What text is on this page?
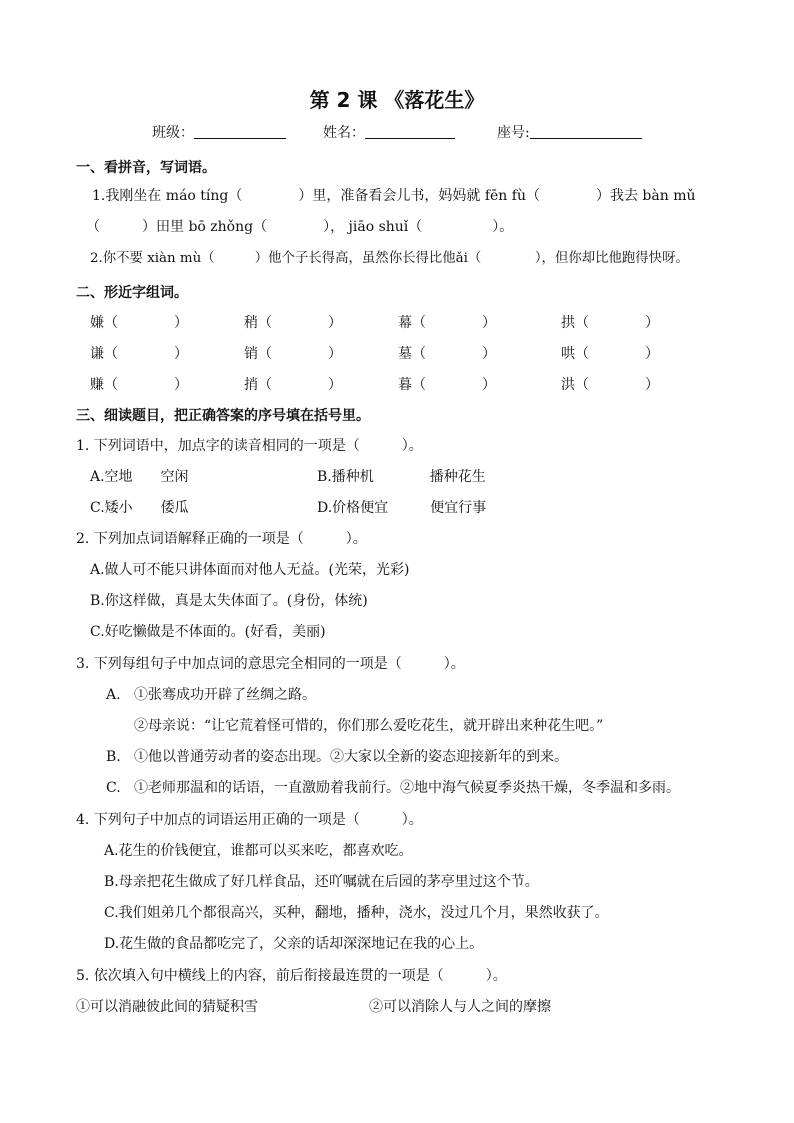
第 2 课 《落花生》
班级：	姓名：	座号:
一、看拼音，写词语。
1.我刚坐在 máo tíng（　　　　）里，准备看会儿书，妈妈就 fēn fù（　　　　）我去 bàn mǔ
（　　　）田里 bō zhǒng（　　　　）， jiāo shuǐ（　　　　　）。
2.你不要 xiàn mù（　　　）他个子长得高，虽然你长得比他ǎi（　　　　），但你却比他跑得快呀。
二、形近字组词。
嫌（　　　　）	稍（　　　　）	幕（　　　　）	拱（　　　　）
谦（　　　　）	销（　　　　）	墓（　　　　）	哄（　　　　）
赚（　　　　）	捎（　　　　）	暮（　　　　）	洪（　　　　）
三、细读题目，把正确答案的序号填在括号里。
1. 下列词语中，加点字的读音相同的一项是（　　　）。
A.空地　　空闲	B.播种机　　　　播种花生
C.矮小　　倭瓜	D.价格便宜　　　便宜行事
2. 下列加点词语解释正确的一项是（　　　）。
A.做人可不能只讲体面而对他人无益。(光荣，光彩)
B.你这样做，真是太失体面了。(身份，体统)
C.好吃懒做是不体面的。(好看，美丽)
3. 下列每组句子中加点词的意思完全相同的一项是（　　　）。
A. ①张骞成功开辟了丝绸之路。
②母亲说：“让它荒着怪可惜的，你们那么爱吃花生，就开辟出来种花生吧。”
B. ①他以普通劳动者的姿态出现。②大家以全新的姿态迎接新年的到来。
C. ①老师那温和的话语，一直激励着我前行。②地中海气候夏季炎热干燥，冬季温和多雨。
4. 下列句子中加点的词语运用正确的一项是（　　　）。
A.花生的价钱便宜，谁都可以买来吃，都喜欢吃。
B.母亲把花生做成了好几样食品，还吖嘱就在后园的茅亭里过这个节。
C.我们姐弟几个都很高兴，买种，翻地，播种，浇水，没过几个月，果然收获了。
D.花生做的食品都吃完了，父亲的话却深深地记在我的心上。
5. 依次填入句中横线上的内容，前后衔接最连贯的一项是（　　　）。
①可以消融彼此间的猜疑积雪	②可以消除人与人之间的摩擦
